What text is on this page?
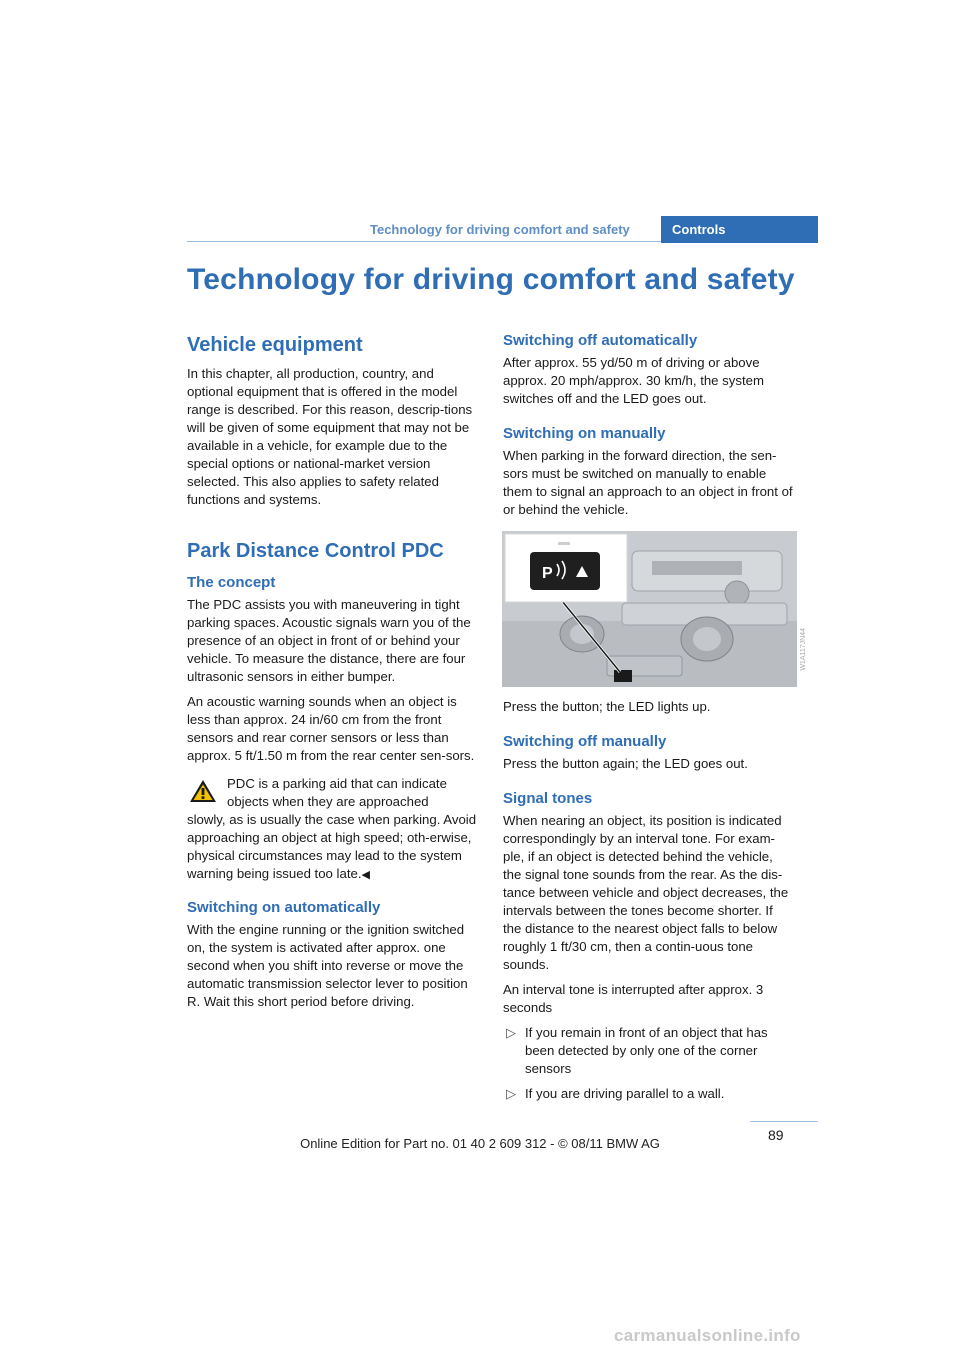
Technology for driving comfort and safety	Controls
Technology for driving comfort and safety
Vehicle equipment

In this chapter, all production, country, and optional equipment that is offered in the model range is described. For this reason, descrip-tions will be given of some equipment that may not be available in a vehicle, for example due to the special options or national-market version selected. This also applies to safety related functions and systems.

Park Distance Control PDC
The concept

The PDC assists you with maneuvering in tight parking spaces. Acoustic signals warn you of the presence of an object in front of or behind your vehicle. To measure the distance, there are four ultrasonic sensors in either bumper.

An acoustic warning sounds when an object is less than approx. 24 in/60 cm from the front sensors and rear corner sensors or less than approx. 5 ft/1.50 m from the rear center sen-sors.

PDC is a parking aid that can indicate objects when they are approached
slowly, as is usually the case when parking. Avoid approaching an object at high speed; oth-erwise, physical circumstances may lead to the system warning being issued too late.◀
Switching on automatically

With the engine running or the ignition switched on, the system is activated after approx. one second when you shift into reverse or move the automatic transmission selector lever to position R. Wait this short period before driving.

Switching off automatically

After approx. 55 yd/50 m of driving or above approx. 20 mph/approx. 30 km/h, the system switches off and the LED goes out.

Switching on manually

When parking in the forward direction, the sen-sors must be switched on manually to enable them to signal an approach to an object in front of or behind the vehicle.

P
W1A117JN44

Press the button; the LED lights up.

Switching off manually

Press the button again; the LED goes out.

Signal tones

When nearing an object, its position is indicated correspondingly by an interval tone. For exam-ple, if an object is detected behind the vehicle, the signal tone sounds from the rear. As the dis-tance between vehicle and object decreases, the intervals between the tones become shorter. If the distance to the nearest object falls to below roughly 1 ft/30 cm, then a contin-uous tone sounds.

An interval tone is interrupted after approx. 3 seconds

▷ If you remain in front of an object that has been detected by only one of the corner sensors
▷ If you are driving parallel to a wall.
89
Online Edition for Part no. 01 40 2 609 312 - © 08/11 BMW AG
carmanualsonline.info
